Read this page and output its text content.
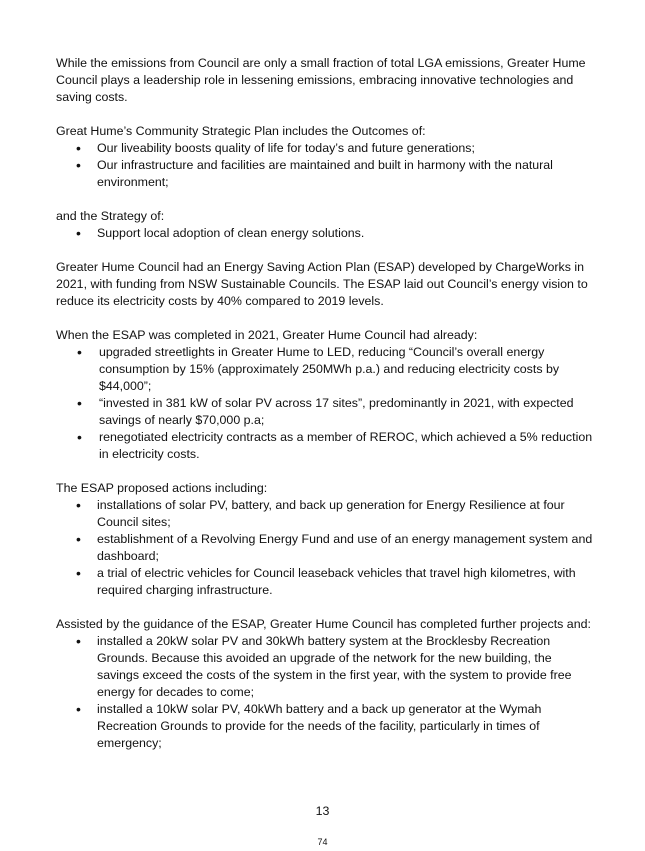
While the emissions from Council are only a small fraction of total LGA emissions, Greater Hume Council plays a leadership role in lessening emissions, embracing innovative technologies and saving costs.

Great Hume’s Community Strategic Plan includes the Outcomes of:

• Our liveability boosts quality of life for today’s and future generations;
• Our infrastructure and facilities are maintained and built in harmony with the natural environment;

and the Strategy of:

• Support local adoption of clean energy solutions.

Greater Hume Council had an Energy Saving Action Plan (ESAP) developed by ChargeWorks in 2021, with funding from NSW Sustainable Councils. The ESAP laid out Council’s energy vision to reduce its electricity costs by 40% compared to 2019 levels.

When the ESAP was completed in 2021, Greater Hume Council had already:

• upgraded streetlights in Greater Hume to LED, reducing “Council’s overall energy consumption by 15% (approximately 250MWh p.a.) and reducing electricity costs by $44,000”;
• “invested in 381 kW of solar PV across 17 sites”, predominantly in 2021, with expected savings of nearly $70,000 p.a;
• renegotiated electricity contracts as a member of REROC, which achieved a 5% reduction in electricity costs.

The ESAP proposed actions including:

• installations of solar PV, battery, and back up generation for Energy Resilience at four Council sites;
• establishment of a Revolving Energy Fund and use of an energy management system and dashboard;
• a trial of electric vehicles for Council leaseback vehicles that travel high kilometres, with required charging infrastructure.

Assisted by the guidance of the ESAP, Greater Hume Council has completed further projects and:

• installed a 20kW solar PV and 30kWh battery system at the Brocklesby Recreation Grounds. Because this avoided an upgrade of the network for the new building, the savings exceed the costs of the system in the first year, with the system to provide free energy for decades to come;
• installed a 10kW solar PV, 40kWh battery and a back up generator at the Wymah Recreation Grounds to provide for the needs of the facility, particularly in times of emergency;
13
74
